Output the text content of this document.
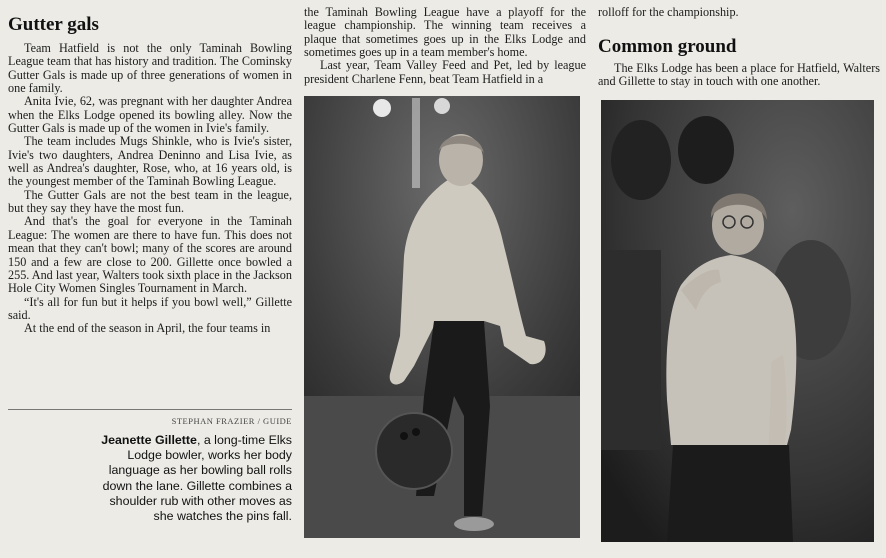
Gutter gals

Team Hatfield is not the only Taminah Bowling League team that has history and tradition. The Cominsky Gutter Gals is made up of three generations of women in one family.

Anita Ivie, 62, was pregnant with her daughter Andrea when the Elks Lodge opened its bowling alley. Now the Gutter Gals is made up of the women in Ivie's family.

The team includes Mugs Shinkle, who is Ivie's sister, Ivie's two daughters, Andrea Deninno and Lisa Ivie, as well as Andrea's daughter, Rose, who, at 16 years old, is the youngest member of the Taminah Bowling League.

The Gutter Gals are not the best team in the league, but they say they have the most fun.

And that's the goal for everyone in the Taminah League: The women are there to have fun. This does not mean that they can't bowl; many of the scores are around 150 and a few are close to 200. Gillette once bowled a 255. And last year, Walters took sixth place in the Jackson Hole City Women Singles Tournament in March.

“It's all for fun but it helps if you bowl well,” Gillette said.

At the end of the season in April, the four teams in

STEPHAN FRAZIER / GUIDE
Jeanette Gillette, a long-time Elks Lodge bowler, works her body language as her bowling ball rolls down the lane. Gillette combines a shoulder rub with other moves as she watches the pins fall.

the Taminah Bowling League have a playoff for the league championship. The winning team receives a plaque that sometimes goes up in the Elks Lodge and sometimes goes up in a team member's home.

Last year, Team Valley Feed and Pet, led by league president Charlene Fenn, beat Team Hatfield in a

rolloff for the championship.

Common ground

The Elks Lodge has been a place for Hatfield, Walters and Gillette to stay in touch with one another.
